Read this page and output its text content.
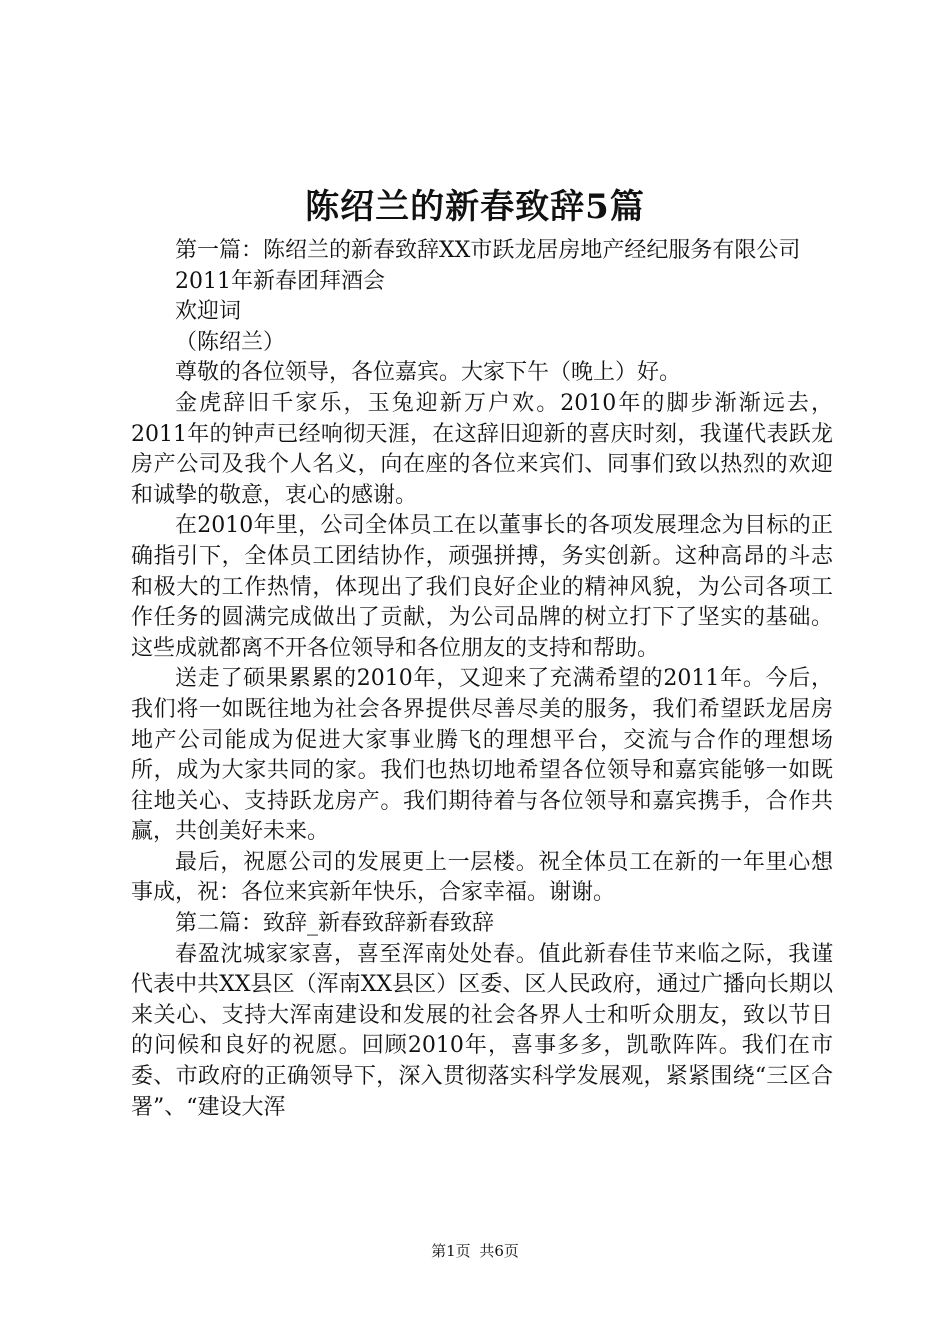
陈绍兰的新春致辞5篇

第一篇：陈绍兰的新春致辞XX市跃龙居房地产经纪服务有限公司

2011年新春团拜酒会

欢迎词

（陈绍兰）

尊敬的各位领导，各位嘉宾。大家下午（晚上）好。

金虎辞旧千家乐，玉兔迎新万户欢。2010年的脚步渐渐远去，2011年的钟声已经响彻天涯，在这辞旧迎新的喜庆时刻，我谨代表跃龙房产公司及我个人名义，向在座的各位来宾们、同事们致以热烈的欢迎和诚挚的敬意，衷心的感谢。

在2010年里，公司全体员工在以董事长的各项发展理念为目标的正确指引下，全体员工团结协作，顽强拼搏，务实创新。这种高昂的斗志和极大的工作热情，体现出了我们良好企业的精神风貌，为公司各项工作任务的圆满完成做出了贡献，为公司品牌的树立打下了坚实的基础。这些成就都离不开各位领导和各位朋友的支持和帮助。

送走了硕果累累的2010年，又迎来了充满希望的2011年。今后，我们将一如既往地为社会各界提供尽善尽美的服务，我们希望跃龙居房地产公司能成为促进大家事业腾飞的理想平台，交流与合作的理想场所，成为大家共同的家。我们也热切地希望各位领导和嘉宾能够一如既往地关心、支持跃龙房产。我们期待着与各位领导和嘉宾携手，合作共赢，共创美好未来。

最后，祝愿公司的发展更上一层楼。祝全体员工在新的一年里心想事成，祝：各位来宾新年快乐，合家幸福。谢谢。

第二篇：致辞_新春致辞新春致辞

春盈沈城家家喜，喜至浑南处处春。值此新春佳节来临之际，我谨代表中共XX县区（浑南XX县区）区委、区人民政府，通过广播向长期以来关心、支持大浑南建设和发展的社会各界人士和听众朋友，致以节日的问候和良好的祝愿。回顾2010年，喜事多多，凯歌阵阵。我们在市委、市政府的正确领导下，深入贯彻落实科学发展观，紧紧围绕“三区合署”、“建设大浑

第1页 共6页
